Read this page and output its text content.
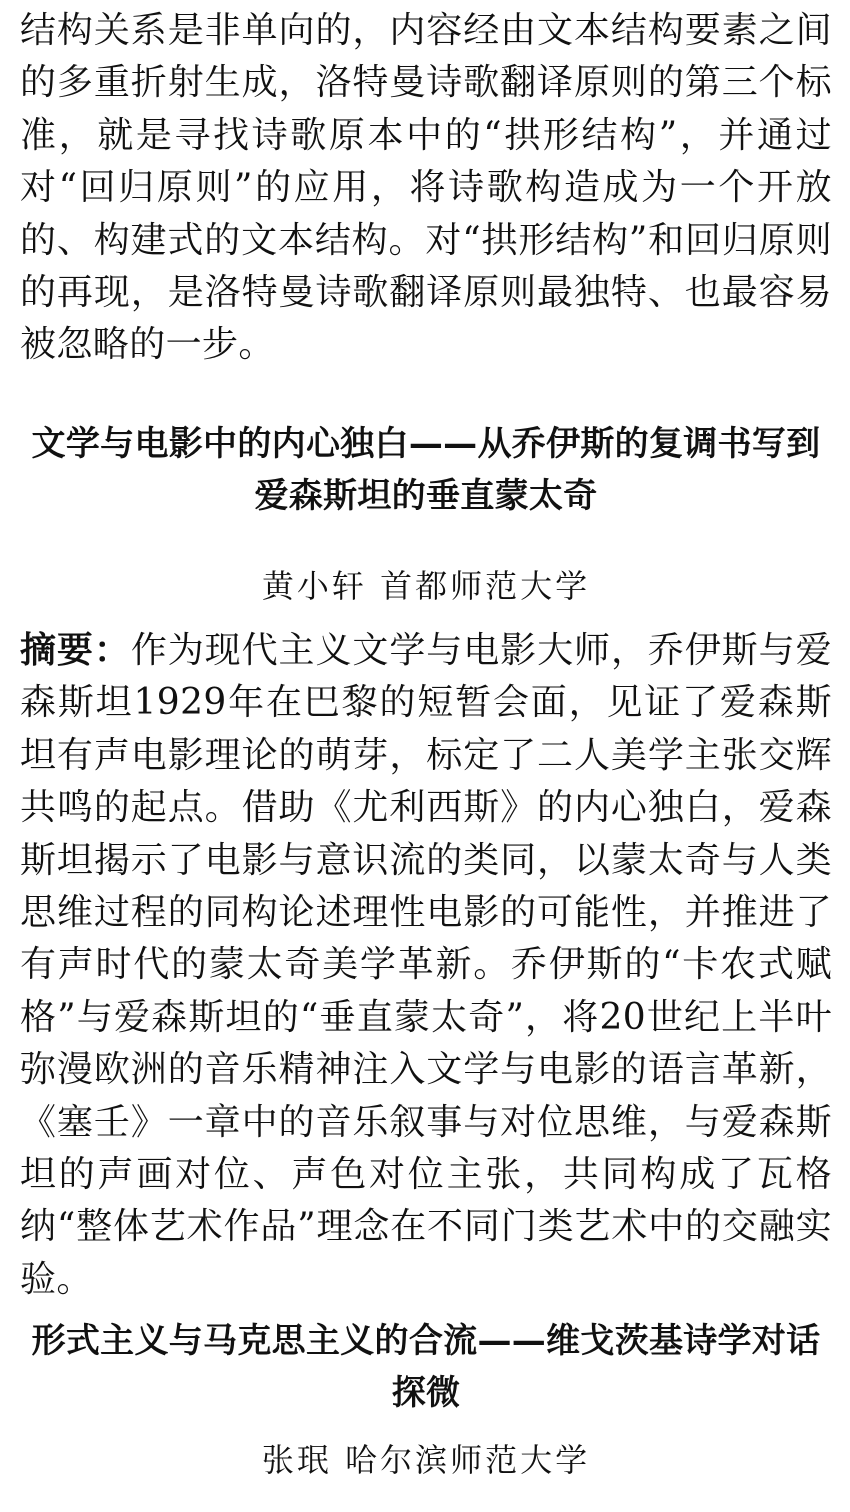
结构关系是非单向的，内容经由文本结构要素之间的多重折射生成，洛特曼诗歌翻译原则的第三个标准，就是寻找诗歌原本中的“拱形结构”，并通过对“回归原则”的应用，将诗歌构造成为一个开放的、构建式的文本结构。对“拱形结构”和回归原则的再现，是洛特曼诗歌翻译原则最独特、也最容易被忽略的一步。

文学与电影中的内心独白——从乔伊斯的复调书写到爱森斯坦的垂直蒙太奇

黄小轩 首都师范大学

摘要：作为现代主义文学与电影大师，乔伊斯与爱森斯坦1929年在巴黎的短暂会面，见证了爱森斯坦有声电影理论的萌芽，标定了二人美学主张交辉共鸣的起点。借助《尤利西斯》的内心独白，爱森斯坦揭示了电影与意识流的类同，以蒙太奇与人类思维过程的同构论述理性电影的可能性，并推进了有声时代的蒙太奇美学革新。乔伊斯的“卡农式赋格”与爱森斯坦的“垂直蒙太奇”，将20世纪上半叶弥漫欧洲的音乐精神注入文学与电影的语言革新，《塞壬》一章中的音乐叙事与对位思维，与爱森斯坦的声画对位、声色对位主张，共同构成了瓦格纳“整体艺术作品”理念在不同门类艺术中的交融实验。

形式主义与马克思主义的合流——维戈茨基诗学对话探微

张珉 哈尔滨师范大学
